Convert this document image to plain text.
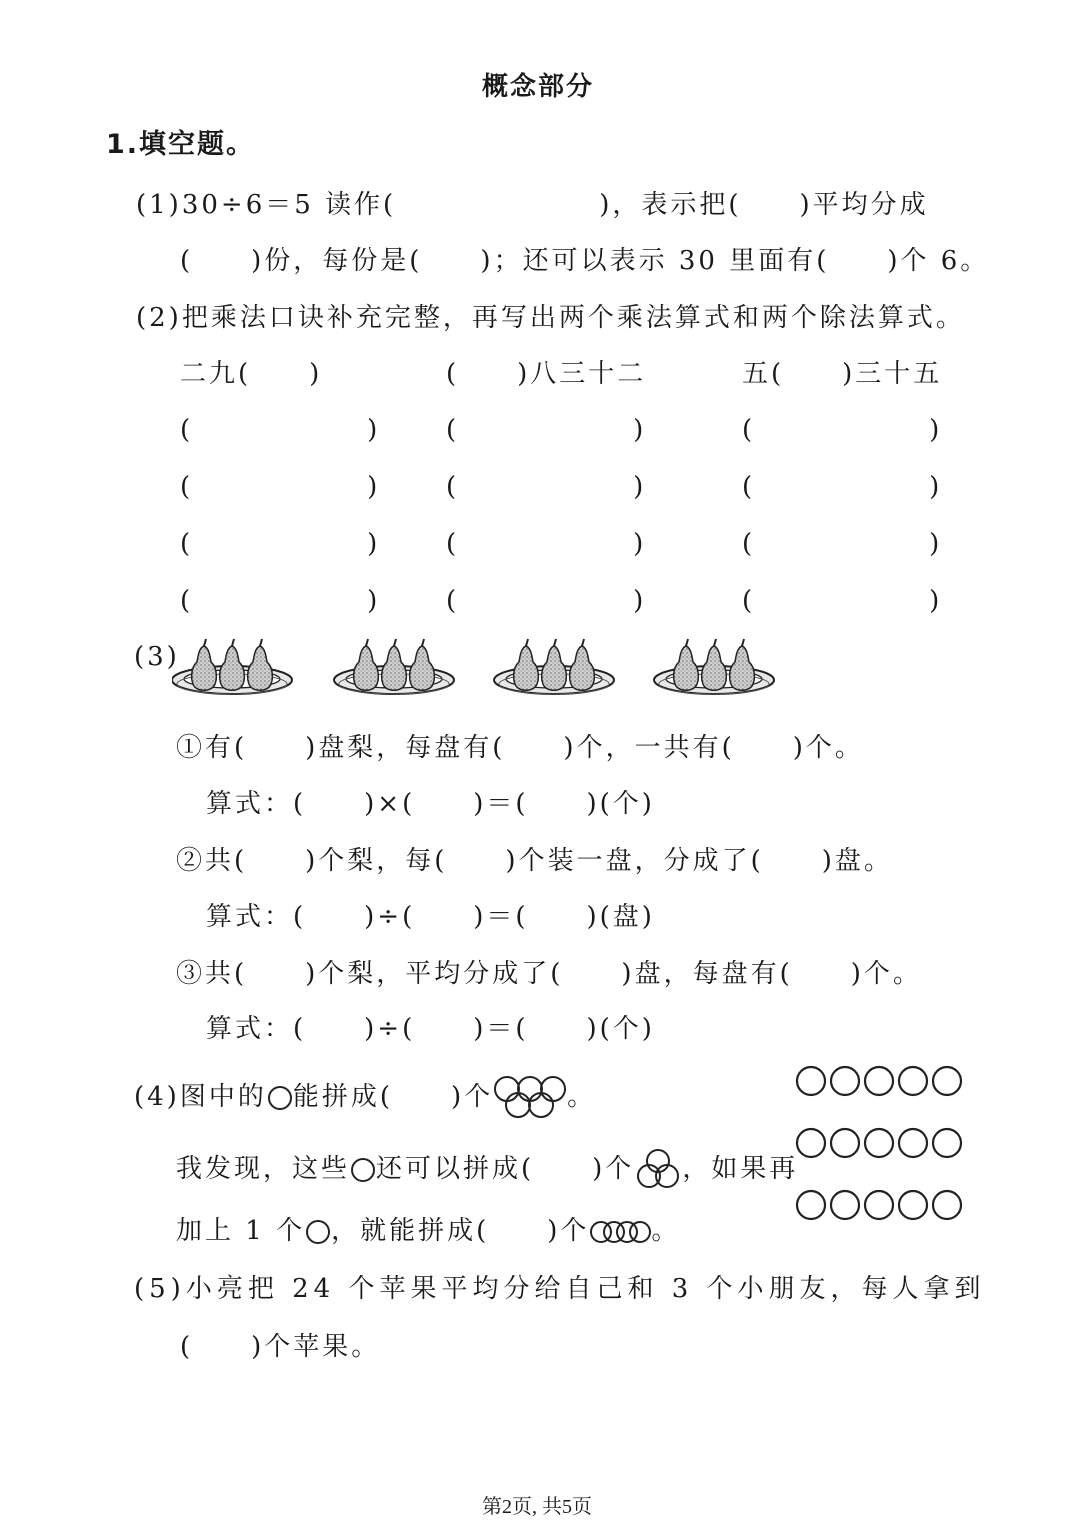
概念部分
1.填空题。
(1)30÷6＝5 读作(　　　　　　　)，表示把(　　)平均分成
(　　)份，每份是(　　)；还可以表示 30 里面有(　　)个 6。
(2)把乘法口诀补充完整，再写出两个乘法算式和两个除法算式。
二九(　　)	(　　)八三十二	五(　　)三十五
(　　　　　　)	(　　　　　　)	(　　　　　　)
(　　　　　　)	(　　　　　　)	(　　　　　　)
(　　　　　　)	(　　　　　　)	(　　　　　　)
(　　　　　　)	(　　　　　　)	(　　　　　　)
(3)
①有(　　)盘梨，每盘有(　　)个，一共有(　　)个。
算式：(　　)×(　　)＝(　　)(个)
②共(　　)个梨，每(　　)个装一盘，分成了(　　)盘。
算式：(　　)÷(　　)＝(　　)(盘)
③共(　　)个梨，平均分成了(　　)盘，每盘有(　　)个。
算式：(　　)÷(　　)＝(　　)(个)
(4)图中的 能拼成(　　)个	。
我发现，这些 还可以拼成(　　)个 ，如果再
加上 1 个 ，就能拼成(　　)个 。
(5)小亮把 24 个苹果平均分给自己和 3 个小朋友，每人拿到
(　　)个苹果。
第2页, 共5页
